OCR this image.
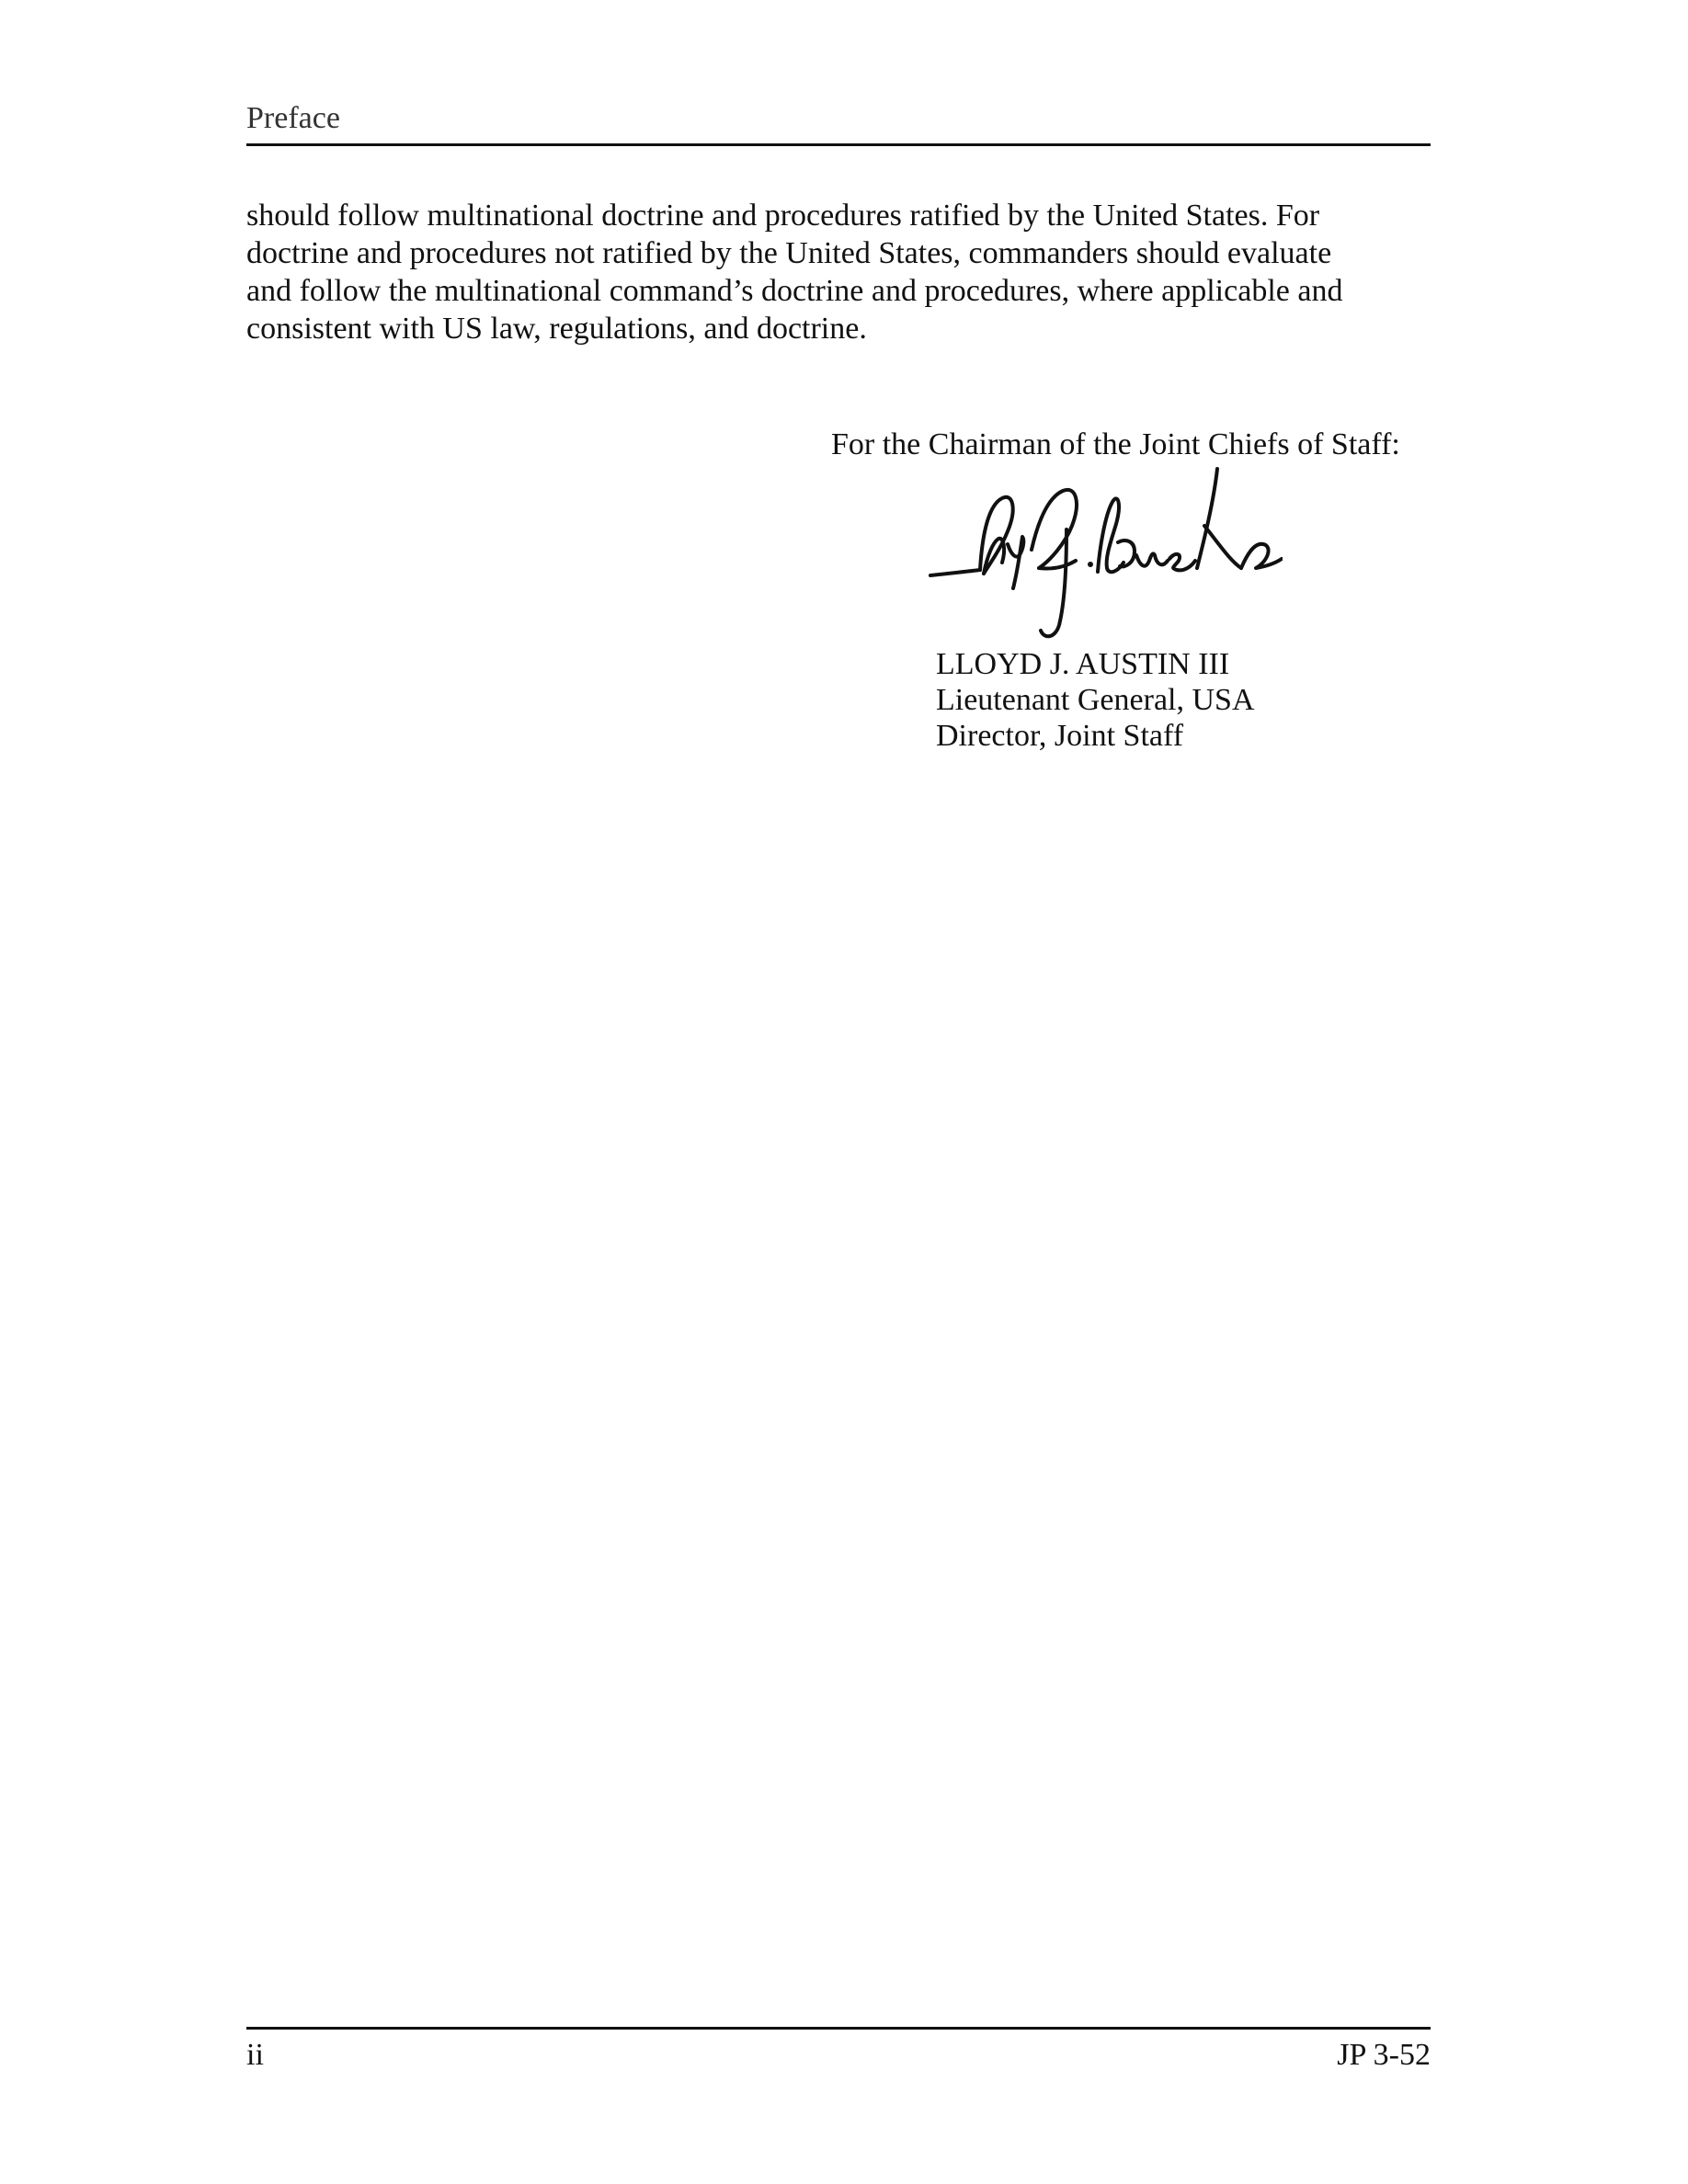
Preface

should follow multinational doctrine and procedures ratified by the United States. For
doctrine and procedures not ratified by the United States, commanders should evaluate
and follow the multinational command’s doctrine and procedures, where applicable and
consistent with US law, regulations, and doctrine.

For the Chairman of the Joint Chiefs of Staff:
LLOYD J. AUSTIN III
Lieutenant General, USA
Director, Joint Staff
ii	JP 3-52
